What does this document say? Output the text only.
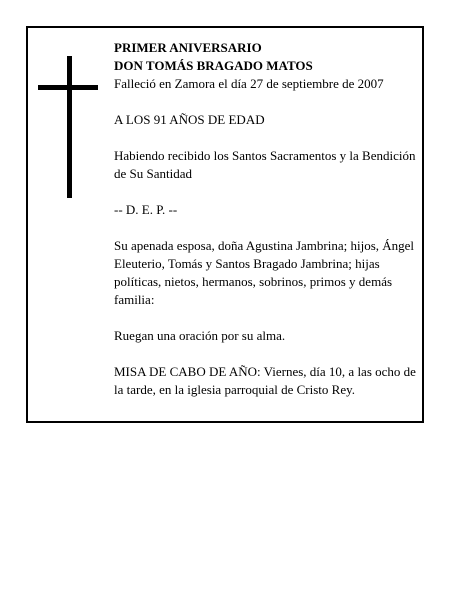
PRIMER ANIVERSARIO

DON TOMÁS BRAGADO MATOS

Falleció en Zamora el día 27 de septiembre de 2007

A LOS 91 AÑOS DE EDAD

Habiendo recibido los Santos Sacramentos y la Bendición de Su Santidad

-- D. E. P. --

Su apenada esposa, doña Agustina Jambrina; hijos, Ángel Eleuterio, Tomás y Santos Bragado Jambrina; hijas políticas, nietos, hermanos, sobrinos, primos y demás familia:

Ruegan una oración por su alma.

MISA DE CABO DE AÑO: Viernes, día 10, a las ocho de la tarde, en la iglesia parroquial de Cristo Rey.
